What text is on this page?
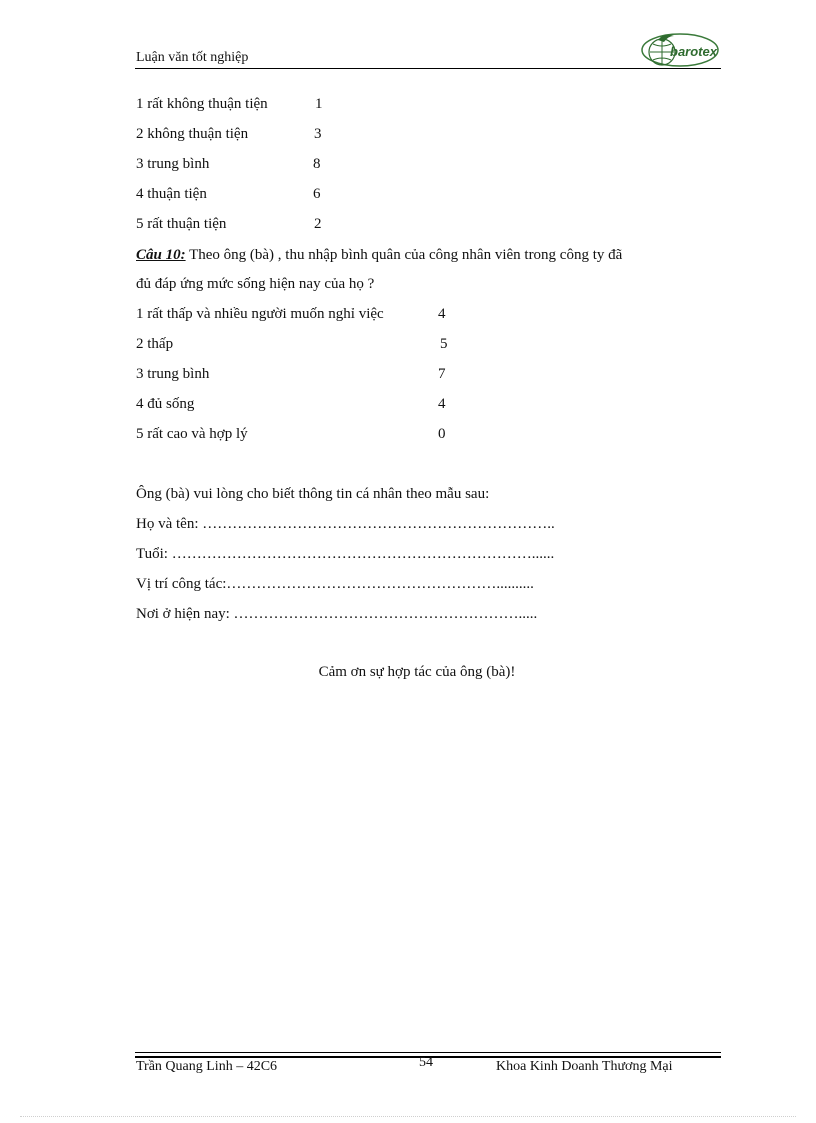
Luận văn tốt nghiệp	barotex
1 rất không thuận tiện	1
2 không thuận tiện	3
3 trung bình	8
4 thuận tiện	6
5 rất thuận tiện	2
Câu 10: Theo ông (bà) , thu nhập bình quân của công nhân viên trong công ty đã
đủ đáp ứng mức sống hiện nay của họ ?
1 rất thấp và nhiều người muốn nghỉ việc	4
2 thấp	5
3 trung bình	7
4 đủ sống	4
5 rất cao và hợp lý	0
Ông (bà) vui lòng cho biết thông tin cá nhân theo mẫu sau:
Họ và tên: ……………………………………………………………..
Tuổi: ………………………………………………………………......
Vị trí công tác:………………………………………………..........
Nơi ở hiện nay: ………………………………………………….....
Cảm ơn sự hợp tác của ông (bà)!
Trần Quang Linh – 42C6	54	Khoa Kinh Doanh Thương Mại
